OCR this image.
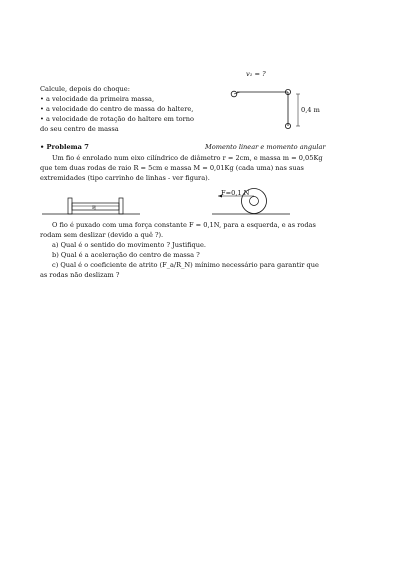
Calcule, depois do choque:
• a velocidade da primeira massa,
• a velocidade do centro de massa do haltere,
• a velocidade de rotação do haltere em torno
do seu centro de massa
v₁ = ?
0,4 m
• Problema 7	Momento linear e momento angular
Um fio é enrolado num eixo cilíndrico de diâmetro r = 2cm, e massa m = 0,05Kg
que tem duas rodas de raio R = 5cm e massa M = 0,01Kg (cada uma) nas suas
extremidades (tipo carrinho de linhas - ver figura).
F
F=0,1 N
O fio é puxado com uma força constante F = 0,1N, para a esquerda, e as rodas
rodam sem deslizar (devido a quê ?).
a) Qual é o sentido do movimento ? Justifique.
b) Qual é a aceleração do centro de massa ?
c) Qual é o coeficiente de atrito (F_a/R_N) mínimo necessário para garantir que
as rodas não deslizam ?
